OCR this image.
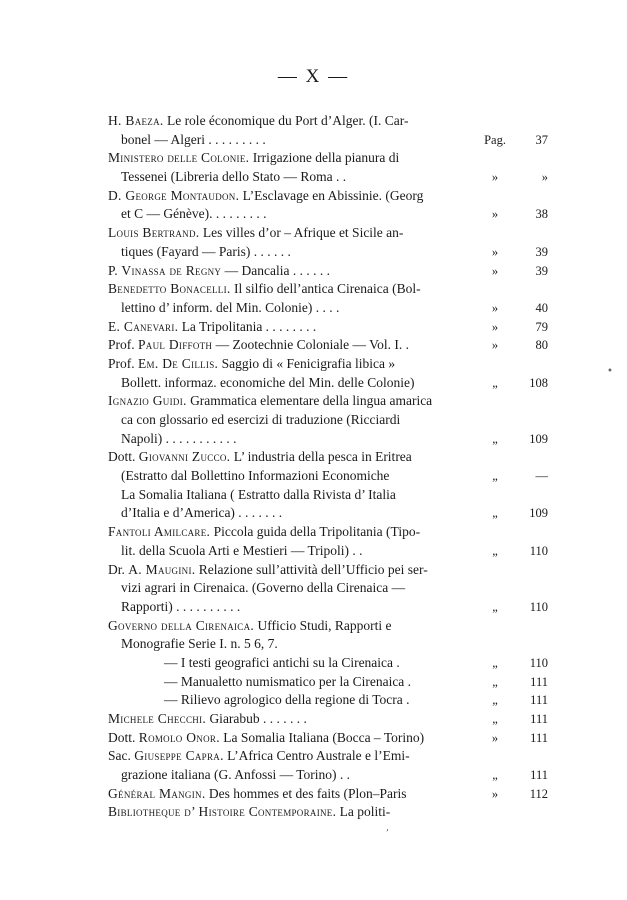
— X —
H. Baeza. Le role économique du Port d’Alger. (I. Car-
bonel — Algeri . . . . . . . . .	Pag.	37
Ministero delle Colonie. Irrigazione della pianura di
Tessenei (Libreria dello Stato — Roma . .	»	»
D. George Montaudon. L’Esclavage en Abissinie. (Georg
et C — Génève). . . . . . . . .	»	38
Louis Bertrand. Les villes d’or – Afrique et Sicile an-
tiques (Fayard — Paris) . . . . . .	»	39
P. Vinassa de Regny — Dancalia . . . . . .	»	39
Benedetto Bonacelli. Il silfio dell’antica Cirenaica (Bol-
lettino d’ inform. del Min. Colonie) . . . .	»	40
E. Canevari. La Tripolitania . . . . . . . .	»	79
Prof. Paul Diffoth — Zootechnie Coloniale — Vol. I. .	»	80
Prof. Em. De Cillis. Saggio di « Fenicigrafia libica »
Bollett. informaz. economiche del Min. delle Colonie)	„	108
Ignazio Guidi. Grammatica elementare della lingua amarica
ca con glossario ed esercizi di traduzione (Ricciardi
Napoli) . . . . . . . . . . .	„	109
Dott. Giovanni Zucco. L’ industria della pesca in Eritrea
(Estratto dal Bollettino Informazioni Economiche	„	—
La Somalia Italiana ( Estratto dalla Rivista d’ Italia
d’Italia e d’America) . . . . . . .	„	109
Fantoli Amilcare. Piccola guida della Tripolitania (Tipo-
lit. della Scuola Arti e Mestieri — Tripoli) . .	„	110
Dr. A. Maugini. Relazione sull’attività dell’Ufficio pei ser-
vizi agrari in Cirenaica. (Governo della Cirenaica —
Rapporti) . . . . . . . . . .	„	110
Governo della Cirenaica. Ufficio Studi, Rapporti e
Monografie Serie I. n. 5 6, 7.
— I testi geografici antichi su la Cirenaica .	„	110
— Manualetto numismatico per la Cirenaica .	„	111
— Rilievo agrologico della regione di Tocra .	„	111
Michele Checchi. Giarabub . . . . . . .	„	111
Dott. Romolo Onor. La Somalia Italiana (Bocca – Torino)	»	111
Sac. Giuseppe Capra. L’Africa Centro Australe e l’Emi-
grazione italiana (G. Anfossi — Torino) . .	„	111
Général Mangin. Des hommes et des faits (Plon–Paris	»	112
Bibliotheque d’ Histoire Contemporaine. La politi-
•
,
